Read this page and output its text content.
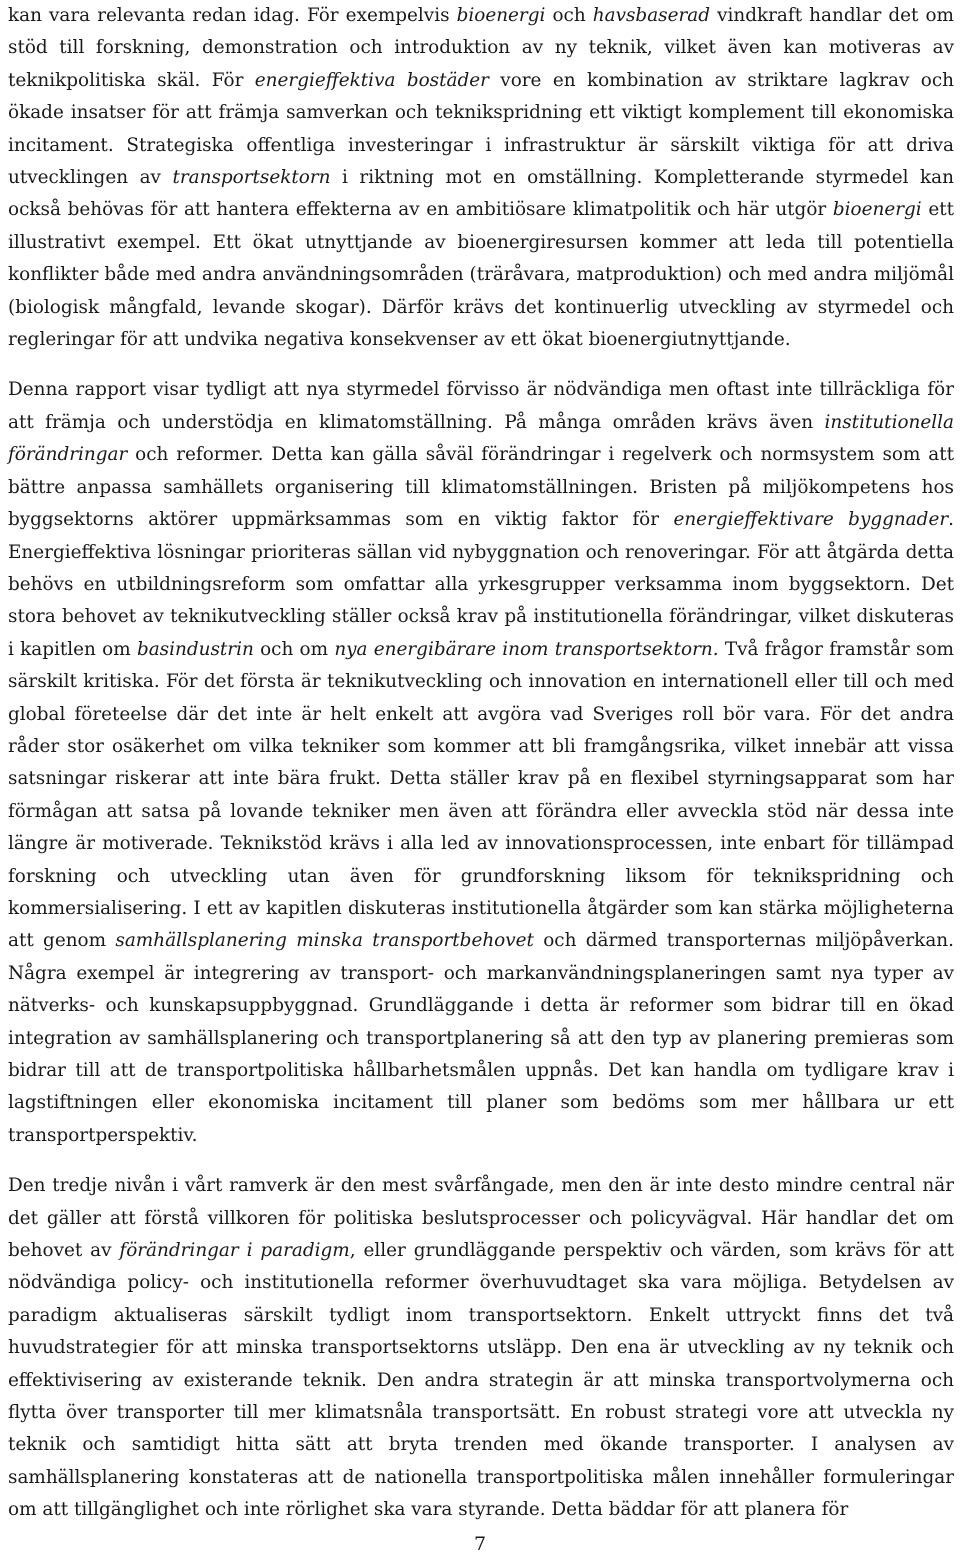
kan vara relevanta redan idag. För exempelvis bioenergi och havsbaserad vindkraft handlar det om stöd till forskning, demonstration och introduktion av ny teknik, vilket även kan motiveras av teknikpolitiska skäl. För energieffektiva bostäder vore en kombination av striktare lagkrav och ökade insatser för att främja samverkan och teknikspridning ett viktigt komplement till ekonomiska incitament. Strategiska offentliga investeringar i infrastruktur är särskilt viktiga för att driva utvecklingen av transportsektorn i riktning mot en omställning. Kompletterande styrmedel kan också behövas för att hantera effekterna av en ambitiösare klimatpolitik och här utgör bioenergi ett illustrativt exempel. Ett ökat utnyttjande av bioenergiresursen kommer att leda till potentiella konflikter både med andra användningsområden (träråvara, matproduktion) och med andra miljömål (biologisk mångfald, levande skogar). Därför krävs det kontinuerlig utveckling av styrmedel och regleringar för att undvika negativa konsekvenser av ett ökat bioenergiutnyttjande.

Denna rapport visar tydligt att nya styrmedel förvisso är nödvändiga men oftast inte tillräckliga för att främja och understödja en klimatomställning. På många områden krävs även institutionella förändringar och reformer. Detta kan gälla såväl förändringar i regelverk och normsystem som att bättre anpassa samhällets organisering till klimatomställningen. Bristen på miljökompetens hos byggsektorns aktörer uppmärksammas som en viktig faktor för energieffektivare byggnader. Energieffektiva lösningar prioriteras sällan vid nybyggnation och renoveringar. För att åtgärda detta behövs en utbildningsreform som omfattar alla yrkesgrupper verksamma inom byggsektorn. Det stora behovet av teknikutveckling ställer också krav på institutionella förändringar, vilket diskuteras i kapitlen om basindustrin och om nya energibärare inom transportsektorn. Två frågor framstår som särskilt kritiska. För det första är teknikutveckling och innovation en internationell eller till och med global företeelse där det inte är helt enkelt att avgöra vad Sveriges roll bör vara. För det andra råder stor osäkerhet om vilka tekniker som kommer att bli framgångsrika, vilket innebär att vissa satsningar riskerar att inte bära frukt. Detta ställer krav på en flexibel styrningsapparat som har förmågan att satsa på lovande tekniker men även att förändra eller avveckla stöd när dessa inte längre är motiverade. Teknikstöd krävs i alla led av innovationsprocessen, inte enbart för tillämpad forskning och utveckling utan även för grundforskning liksom för teknikspridning och kommersialisering. I ett av kapitlen diskuteras institutionella åtgärder som kan stärka möjligheterna att genom samhällsplanering minska transportbehovet och därmed transporternas miljöpåverkan. Några exempel är integrering av transport- och markanvändningsplaneringen samt nya typer av nätverks- och kunskapsuppbyggnad. Grundläggande i detta är reformer som bidrar till en ökad integration av samhällsplanering och transportplanering så att den typ av planering premieras som bidrar till att de transportpolitiska hållbarhetsmålen uppnås. Det kan handla om tydligare krav i lagstiftningen eller ekonomiska incitament till planer som bedöms som mer hållbara ur ett transportperspektiv.

Den tredje nivån i vårt ramverk är den mest svårfångade, men den är inte desto mindre central när det gäller att förstå villkoren för politiska beslutsprocesser och policyvägval. Här handlar det om behovet av förändringar i paradigm, eller grundläggande perspektiv och värden, som krävs för att nödvändiga policy- och institutionella reformer överhuvudtaget ska vara möjliga. Betydelsen av paradigm aktualiseras särskilt tydligt inom transportsektorn. Enkelt uttryckt finns det två huvudstrategier för att minska transportsektorns utsläpp. Den ena är utveckling av ny teknik och effektivisering av existerande teknik. Den andra strategin är att minska transportvolymerna och flytta över transporter till mer klimatsnåla transportsätt. En robust strategi vore att utveckla ny teknik och samtidigt hitta sätt att bryta trenden med ökande transporter. I analysen av samhällsplanering konstateras att de nationella transportpolitiska målen innehåller formuleringar om att tillgänglighet och inte rörlighet ska vara styrande. Detta bäddar för att planera för

7
